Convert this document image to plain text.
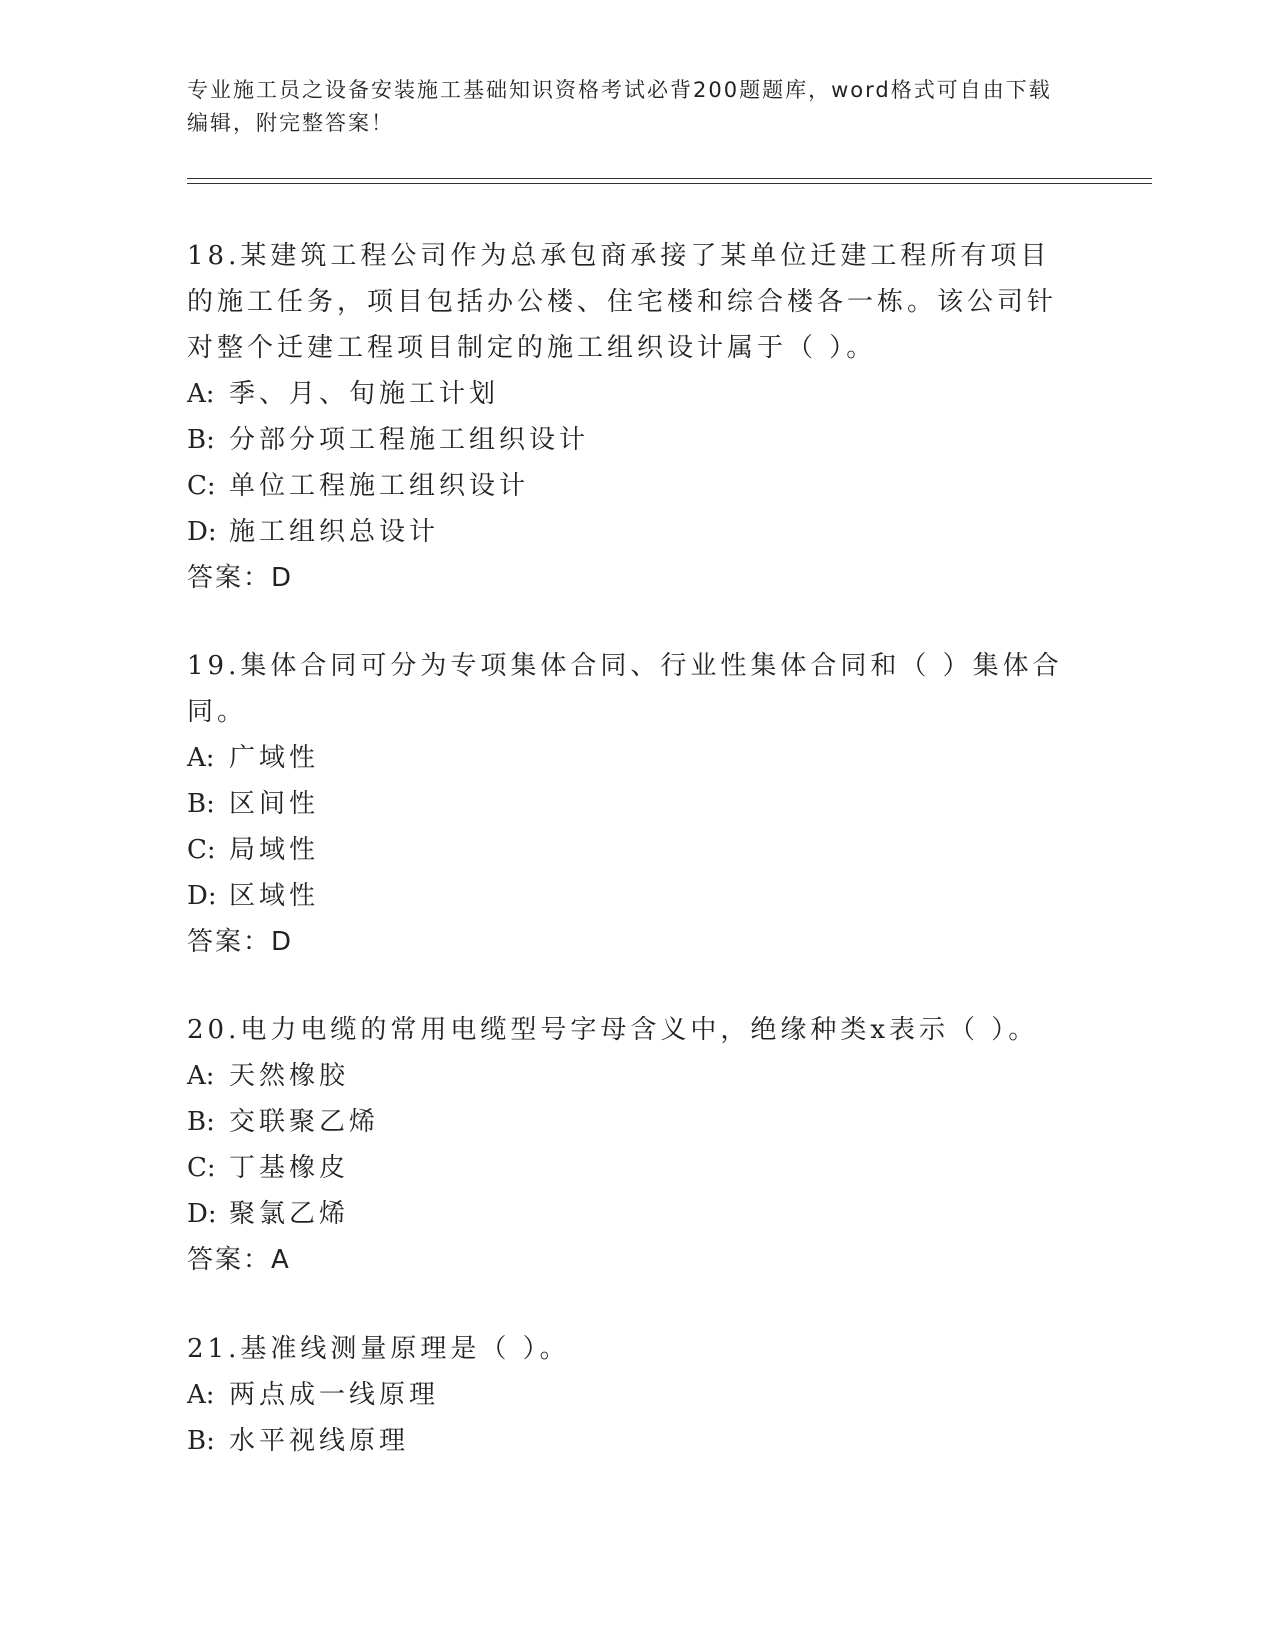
专业施工员之设备安装施工基础知识资格考试必背200题题库，word格式可自由下载编辑，附完整答案！

18.某建筑工程公司作为总承包商承接了某单位迁建工程所有项目的施工任务，项目包括办公楼、住宅楼和综合楼各一栋。该公司针对整个迁建工程项目制定的施工组织设计属于（ ）。

A: 季、月、旬施工计划

B: 分部分项工程施工组织设计

C: 单位工程施工组织设计

D: 施工组织总设计

答案：D

19.集体合同可分为专项集体合同、行业性集体合同和（ ）集体合同。

A: 广域性

B: 区间性

C: 局域性

D: 区域性

答案：D

20.电力电缆的常用电缆型号字母含义中，绝缘种类x表示（ ）。

A: 天然橡胶

B: 交联聚乙烯

C: 丁基橡皮

D: 聚氯乙烯

答案：A

21.基准线测量原理是（ ）。

A: 两点成一线原理

B: 水平视线原理
